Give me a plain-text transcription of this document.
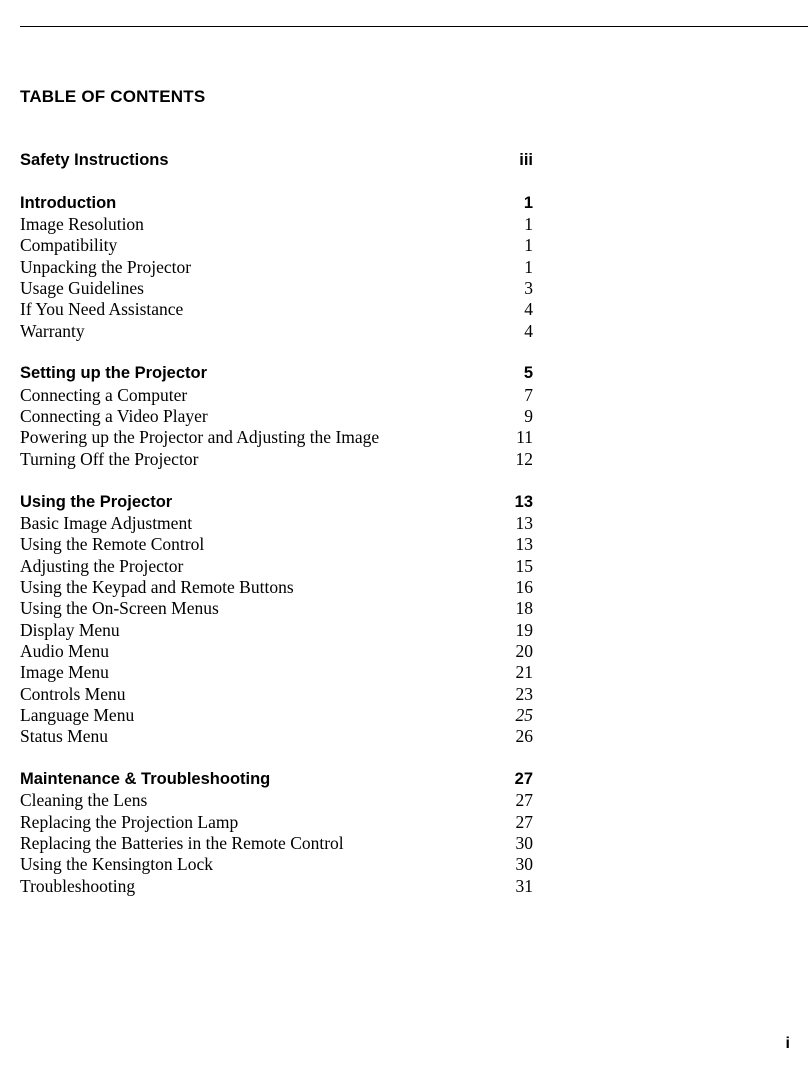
TABLE OF CONTENTS
Safety Instructions	iii
Introduction	1
Image Resolution	1
Compatibility	1
Unpacking the Projector	1
Usage Guidelines	3
If You Need Assistance	4
Warranty	4
Setting up the Projector	5
Connecting a Computer	7
Connecting a Video Player	9
Powering up the Projector and Adjusting the Image	11
Turning Off the Projector	12
Using the Projector	13
Basic Image Adjustment	13
Using the Remote Control	13
Adjusting the Projector	15
Using the Keypad and Remote Buttons	16
Using the On-Screen Menus	18
Display Menu	19
Audio Menu	20
Image Menu	21
Controls Menu	23
Language Menu	25
Status Menu	26
Maintenance & Troubleshooting	27
Cleaning the Lens	27
Replacing the Projection Lamp	27
Replacing the Batteries in the Remote Control	30
Using the Kensington Lock	30
Troubleshooting	31
i
